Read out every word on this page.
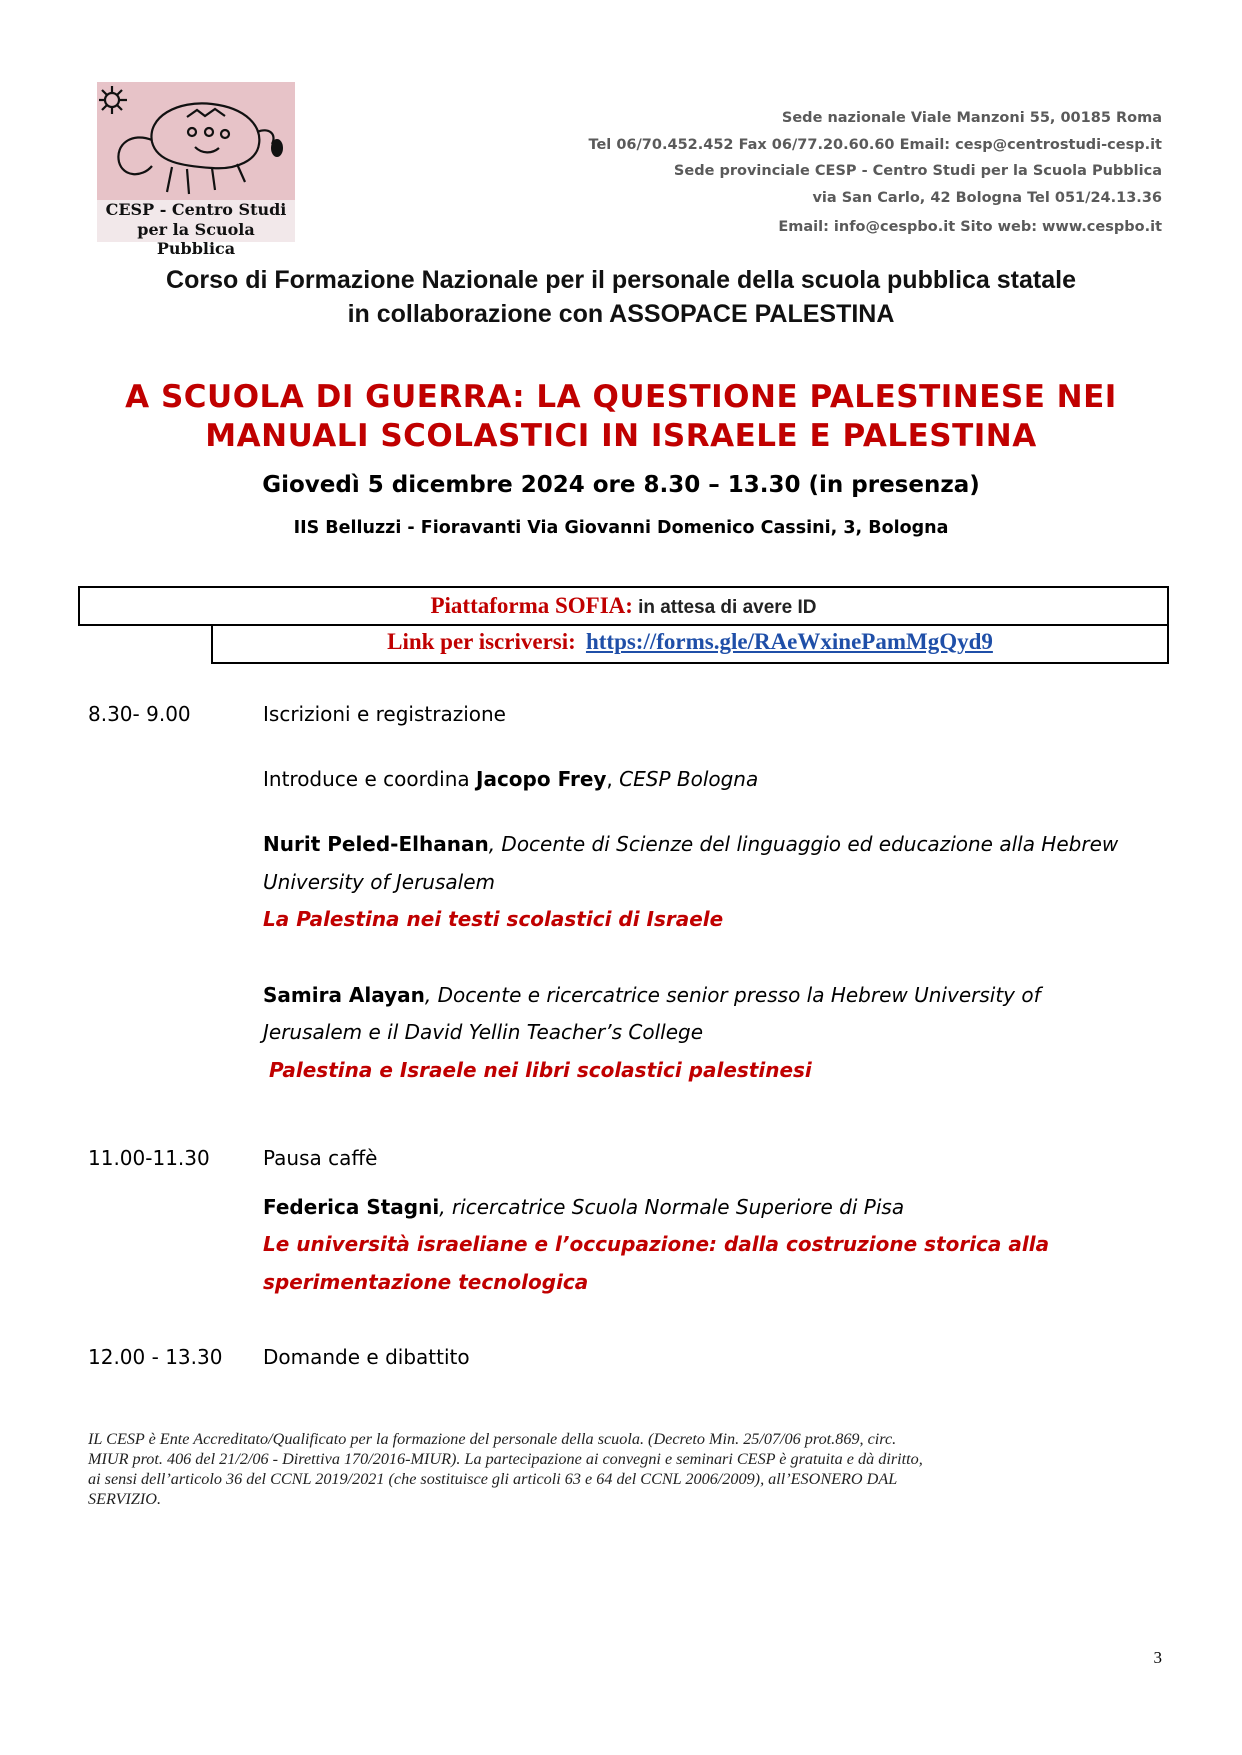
CESP - Centro Studi
per la Scuola Pubblica
Sede nazionale Viale Manzoni 55, 00185 Roma
Tel 06/70.452.452 Fax 06/77.20.60.60 Email: cesp@centrostudi-cesp.it
Sede provinciale CESP - Centro Studi per la Scuola Pubblica
via San Carlo, 42 Bologna Tel 051/24.13.36
Email: info@cespbo.it Sito web: www.cespbo.it
Corso di Formazione Nazionale per il personale della scuola pubblica statale
in collaborazione con ASSOPACE PALESTINA
A SCUOLA DI GUERRA: LA QUESTIONE PALESTINESE NEI
MANUALI SCOLASTICI IN ISRAELE E PALESTINA
Giovedì 5 dicembre 2024 ore 8.30 – 13.30 (in presenza)
IIS Belluzzi - Fioravanti Via Giovanni Domenico Cassini, 3, Bologna
Piattaforma SOFIA: in attesa di avere ID
Link per iscriversi: https://forms.gle/RAeWxinePamMgQyd9
8.30- 9.00	Iscrizioni e registrazione
Introduce e coordina Jacopo Frey, CESP Bologna
Nurit Peled-Elhanan, Docente di Scienze del linguaggio ed educazione alla Hebrew
University of Jerusalem
La Palestina nei testi scolastici di Israele
Samira Alayan, Docente e ricercatrice senior presso la Hebrew University of
Jerusalem e il David Yellin Teacher’s College
Palestina e Israele nei libri scolastici palestinesi
11.00-11.30	Pausa caffè
Federica Stagni, ricercatrice Scuola Normale Superiore di Pisa
Le università israeliane e l’occupazione: dalla costruzione storica alla
sperimentazione tecnologica
12.00 - 13.30 Domande e dibattito
IL CESP è Ente Accreditato/Qualificato per la formazione del personale della scuola. (Decreto Min. 25/07/06 prot.869, circ.
MIUR prot. 406 del 21/2/06 - Direttiva 170/2016-MIUR). La partecipazione ai convegni e seminari CESP è gratuita e dà diritto,
ai sensi dell’articolo 36 del CCNL 2019/2021 (che sostituisce gli articoli 63 e 64 del CCNL 2006/2009), all’ESONERO DAL
SERVIZIO.
3
